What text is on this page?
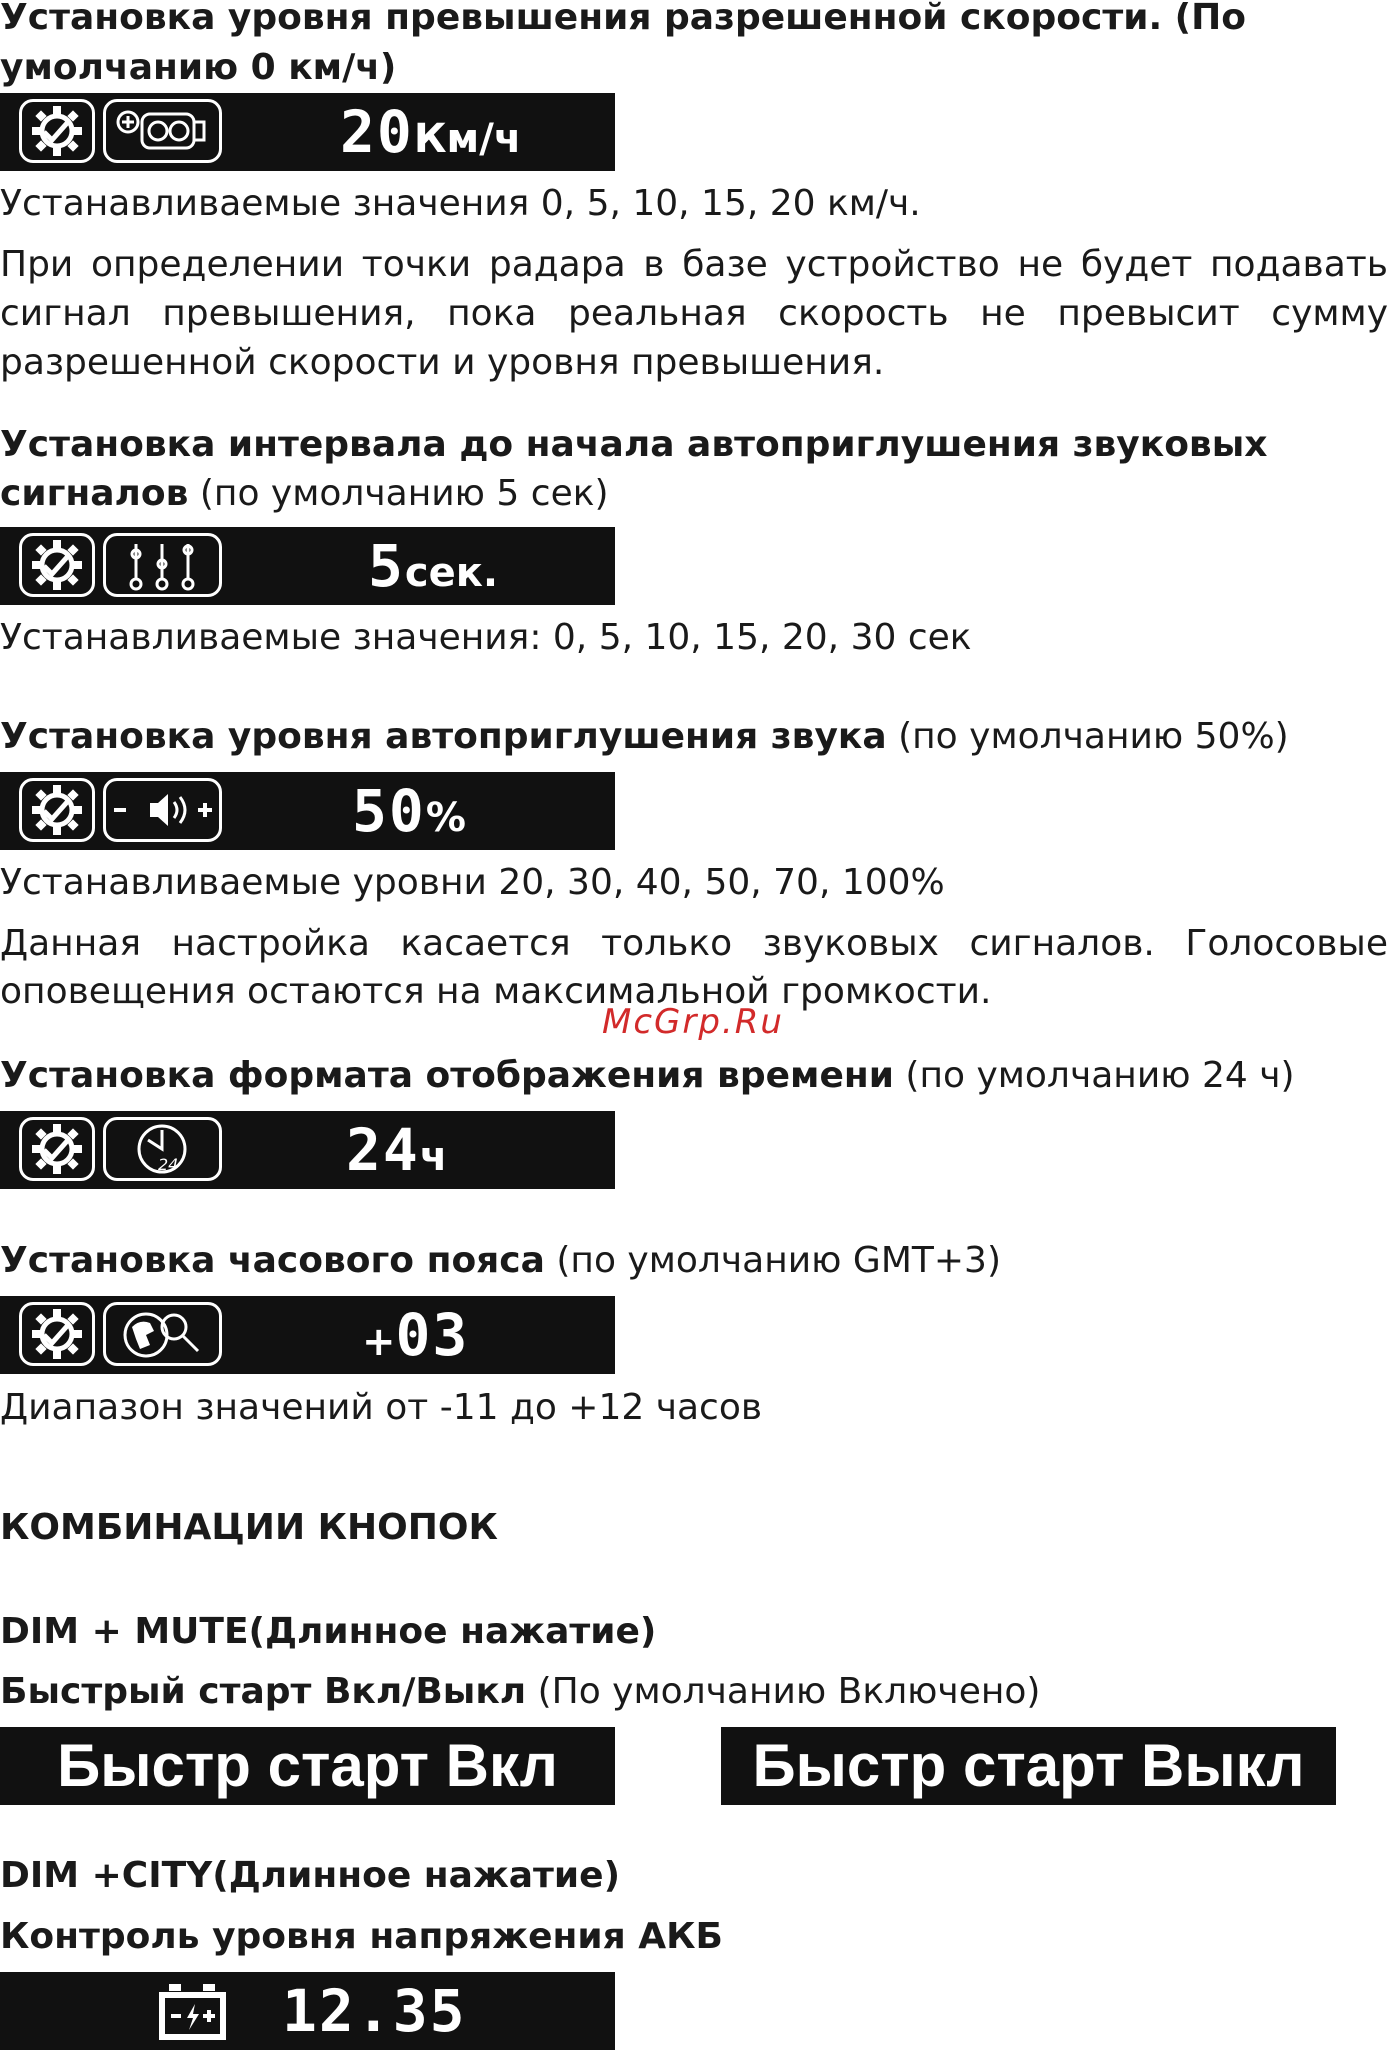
Установка уровня превышения разрешенной скорости. (По

умолчанию 0 км/ч)

20Км/ч

Устанавливаемые значения 0, 5, 10, 15, 20 км/ч.

При определении точки радара в базе устройство не будет подавать

сигнал превышения, пока реальная скорость не превысит сумму

разрешенной скорости и уровня превышения.

Установка интервала до начала автоприглушения звуковых

сигналов (по умолчанию 5 сек)

5сек.

Устанавливаемые значения: 0, 5, 10, 15, 20, 30 сек

Установка уровня автоприглушения звука (по умолчанию 50%)

50%

Устанавливаемые уровни 20, 30, 40, 50, 70, 100%

Данная настройка касается только звуковых сигналов. Голосовые

оповещения остаются на максимальной громкости.

McGrp.Ru

Установка формата отображения времени (по умолчанию 24 ч)

24	24ч

Установка часового пояса (по умолчанию GMT+3)

+03

Диапазон значений от -11 до +12 часов

КОМБИНАЦИИ КНОПОК

DIM + MUTE(Длинное нажатие)

Быстрый старт Вкл/Выкл (По умолчанию Включено)

Быстр старт Вкл	Быстр старт Выкл

DIM +CITY(Длинное нажатие)

Контроль уровня напряжения АКБ

12.35
